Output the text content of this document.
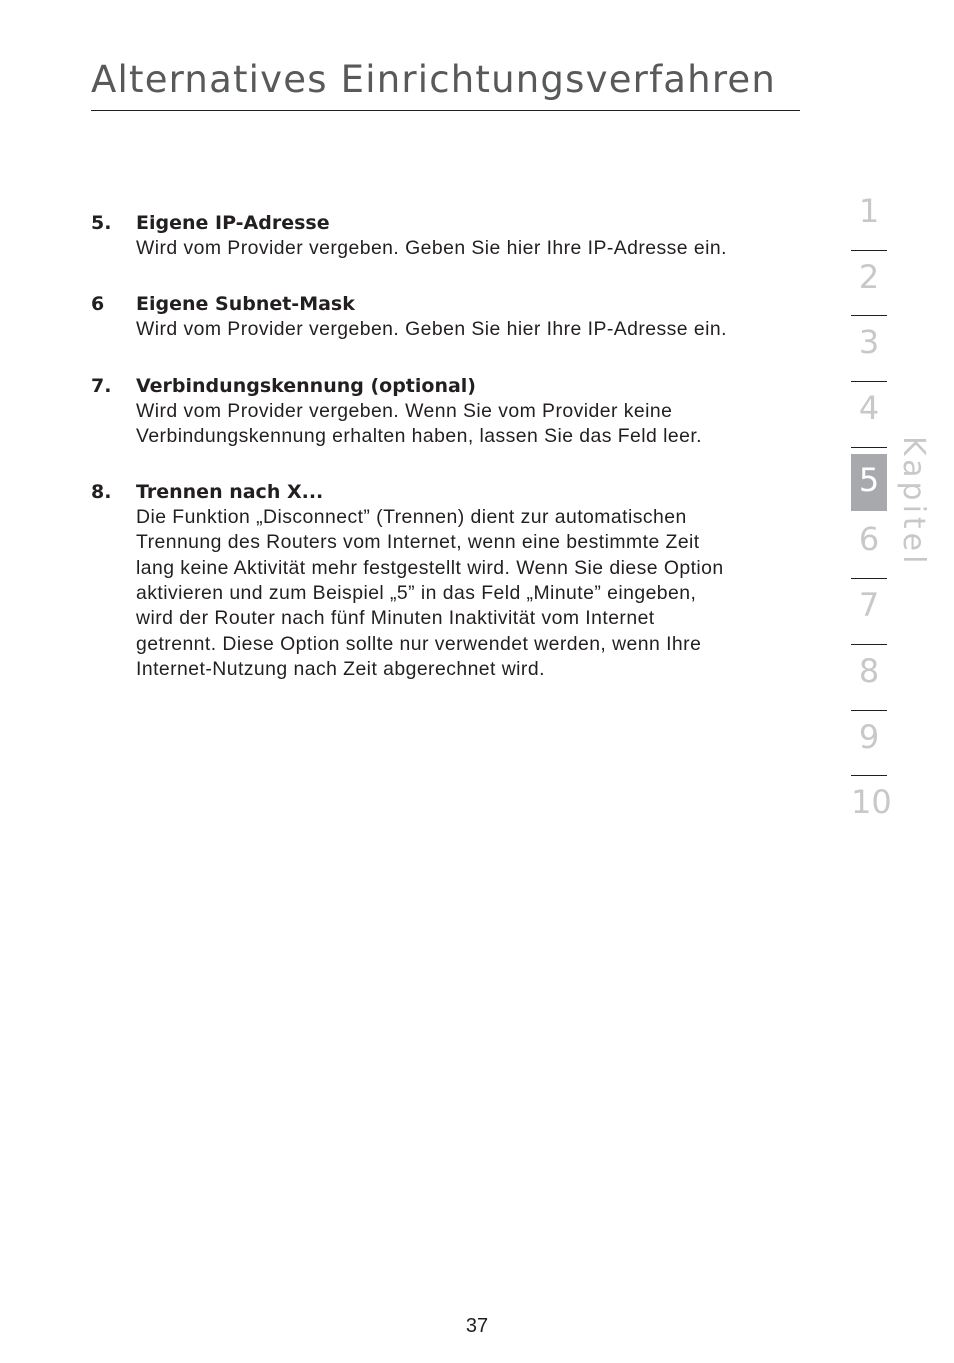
Alternatives Einrichtungsverfahren
5. Eigene IP-Adresse

Wird vom Provider vergeben. Geben Sie hier Ihre IP-Adresse ein.

6 Eigene Subnet-Mask

Wird vom Provider vergeben. Geben Sie hier Ihre IP-Adresse ein.

7. Verbindungskennung (optional)

Wird vom Provider vergeben. Wenn Sie vom Provider keine

Verbindungskennung erhalten haben, lassen Sie das Feld leer.

8. Trennen nach X...

Die Funktion „Disconnect” (Trennen) dient zur automatischen

Trennung des Routers vom Internet, wenn eine bestimmte Zeit

lang keine Aktivität mehr festgestellt wird. Wenn Sie diese Option

aktivieren und zum Beispiel „5” in das Feld „Minute” eingeben,

wird der Router nach fünf Minuten Inaktivität vom Internet

getrennt. Diese Option sollte nur verwendet werden, wenn Ihre

Internet-Nutzung nach Zeit abgerechnet wird.

1
2
3
4
5
6
7
8
9
10
Kapitel
37
